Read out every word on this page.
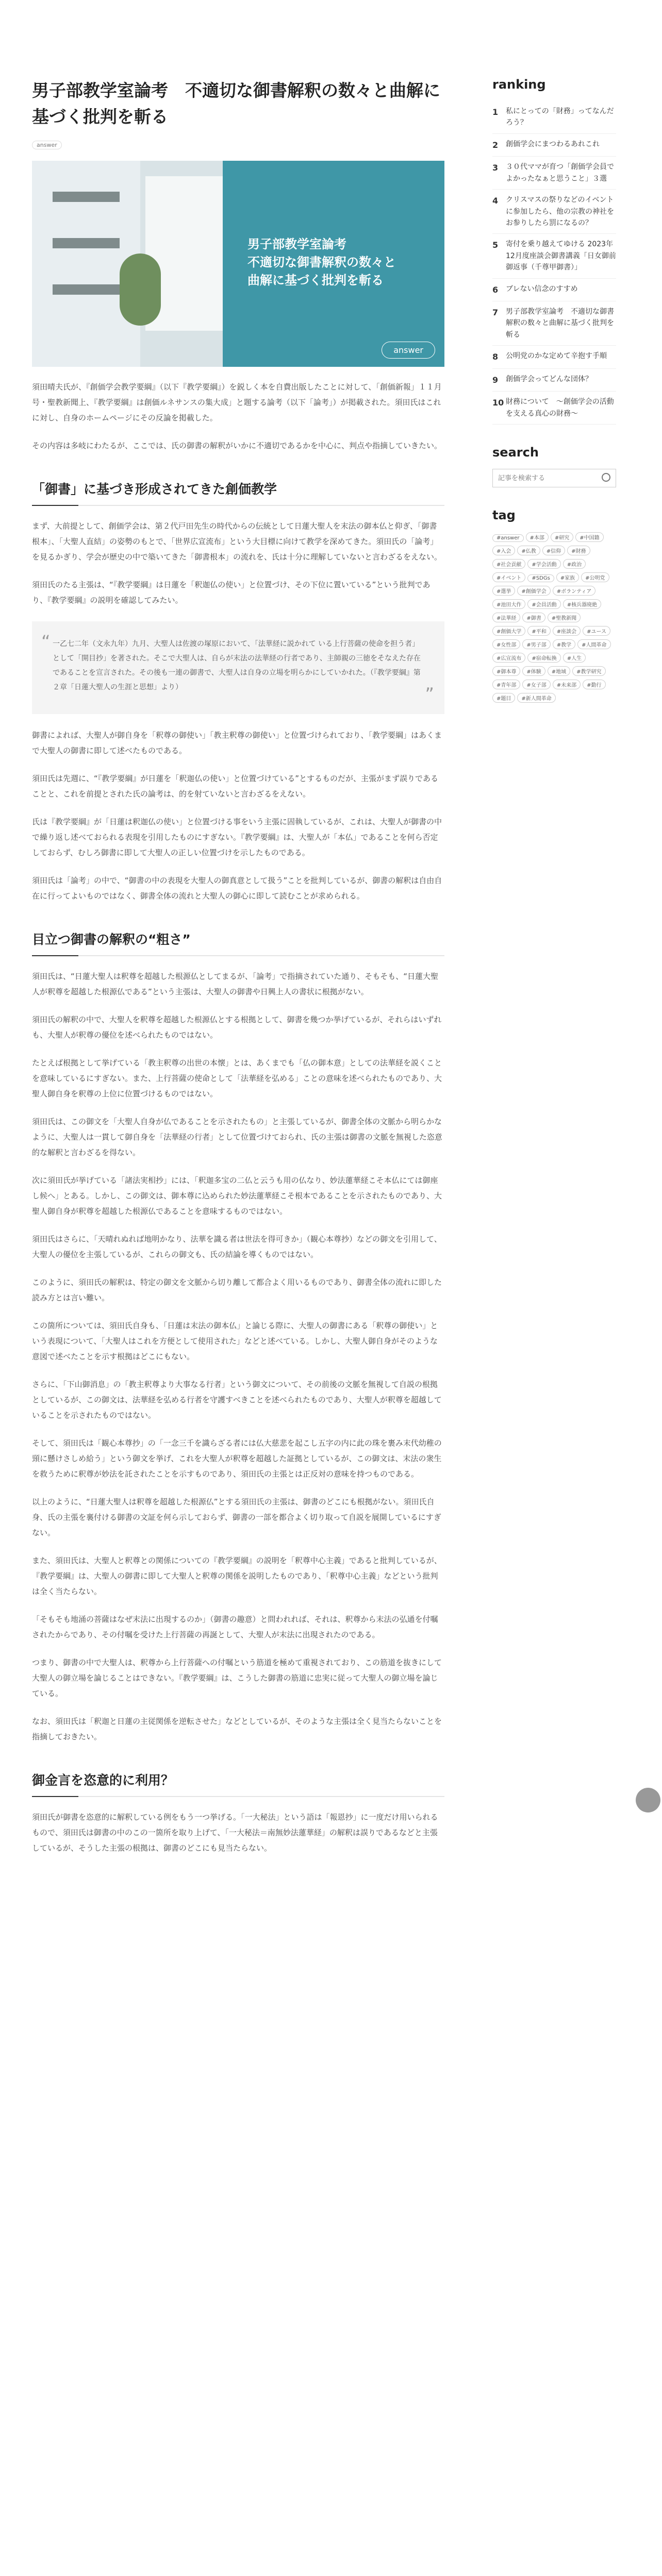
男子部教学室論考　不適切な御書解釈の数々と曲解に基づく批判を斬る
answer
男子部教学室論考
不適切な御書解釈の数々と
曲解に基づく批判を斬る
answer

須田晴夫氏が、『創価学会教学要綱』（以下『教学要綱』）を鋭しく本を自費出版したことに対して、「創価新報」１１月号・聖教新聞上、『教学要綱』は創価ルネサンスの集大成」と題する論考（以下「論考」）が掲載された。須田氏はこれに対し、自身のホームページにその反論を掲載した。

その内容は多岐にわたるが、ここでは、氏の御書の解釈がいかに不適切であるかを中心に、判点や指摘していきたい。

「御書」に基づき形成されてきた創価教学

まず、大前提として、創価学会は、第２代戸田先生の時代からの伝統として日蓮大聖人を末法の御本仏と仰ぎ、「御書根本」、「大聖人直結」の姿勢のもとで、「世界広宣流布」という大目標に向けて教学を深めてきた。須田氏の「論考」を見るかぎり、学会が歴史の中で築いてきた「御書根本」の流れを、氏は十分に理解していないと言わざるをえない。

須田氏のたる主張は、“『教学要綱』は日蓮を「釈迦仏の使い」と位置づけ、その下位に置いている”という批判であり、『教学要綱』の説明を確認してみたい。

“ 一乙七二年（文永九年）九月、大聖人は佐渡の塚原において、「法華経に説かれて いる上行菩薩の使命を担う者」として「開目抄」を著された。そこで大聖人は、自らが末法の法華経の行者であり、主師親の三徳をそなえた存在であることを宣言された。その後も一連の御書で、大聖人は自身の立場を明らかにしていかれた。（『教学要綱』第２章「日蓮大聖人の生涯と思想」より）	”

御書によれば、大聖人が御自身を「釈尊の御使い」「教主釈尊の御使い」と位置づけられており、「教学要綱」はあくまで大聖人の御書に即して述べたものである。

須田氏は先週に、“『教学要綱』が日蓮を「釈迦仏の使い」と位置づけている”とするものだが、主張がまず誤りであることと、これを前提とされた氏の論考は、的を射ていないと言わざるをえない。

氏は『教学要綱』が「日蓮は釈迦仏の使い」と位置づける事をいう主張に固執しているが、これは、大聖人が御書の中で繰り返し述べておられる表現を引用したものにすぎない。『教学要綱』は、大聖人が「本仏」であることを何ら否定しておらず、むしろ御書に即して大聖人の正しい位置づけを示したものである。

須田氏は「論考」の中で、“御書の中の表現を大聖人の御真意として扱う”ことを批判しているが、御書の解釈は自由自在に行ってよいものではなく、御書全体の流れと大聖人の御心に即して読むことが求められる。

目立つ御書の解釈の“粗さ”

須田氏は、“日蓮大聖人は釈尊を超越した根源仏としてまるが、「論考」で指摘されていた通り、そもそも、“日蓮大聖人が釈尊を超越した根源仏である”という主張は、大聖人の御書や日興上人の書状に根拠がない。

須田氏の解釈の中で、大聖人を釈尊を超越した根源仏とする根拠として、御書を幾つか挙げているが、それらはいずれも、大聖人が釈尊の優位を述べられたものではない。

たとえば根拠として挙げている「教主釈尊の出世の本懐」とは、あくまでも「仏の御本意」としての法華経を説くことを意味しているにすぎない。また、上行菩薩の使命として「法華経を弘める」ことの意味を述べられたものであり、大聖人御自身を釈尊の上位に位置づけるものではない。

須田氏は、この御文を「大聖人自身が仏であることを示されたもの」と主張しているが、御書全体の文脈から明らかなように、大聖人は一貫して御自身を「法華経の行者」として位置づけておられ、氏の主張は御書の文脈を無視した恣意的な解釈と言わざるを得ない。

次に須田氏が挙げている「諸法実相抄」には、「釈迦多宝の二仏と云うも用の仏なり、妙法蓮華経こそ本仏にては御座し候へ」とある。しかし、この御文は、御本尊に込められた妙法蓮華経こそ根本であることを示されたものであり、大聖人御自身が釈尊を超越した根源仏であることを意味するものではない。

須田氏はさらに、「天晴れぬれば地明かなり、法華を識る者は世法を得可きか」（観心本尊抄）などの御文を引用して、大聖人の優位を主張しているが、これらの御文も、氏の結論を導くものではない。

このように、須田氏の解釈は、特定の御文を文脈から切り離して都合よく用いるものであり、御書全体の流れに即した読み方とは言い難い。

この箇所については、須田氏自身も、「日蓮は末法の御本仏」と論じる際に、大聖人の御書にある「釈尊の御使い」という表現について、「大聖人はこれを方便として使用された」などと述べている。しかし、大聖人御自身がそのような意図で述べたことを示す根拠はどこにもない。

さらに、「下山御消息」の「教主釈尊より大事なる行者」という御文について、その前後の文脈を無視して自説の根拠としているが、この御文は、法華経を弘める行者を守護すべきことを述べられたものであり、大聖人が釈尊を超越していることを示されたものではない。

そして、須田氏は「観心本尊抄」の「一念三千を識らざる者には仏大慈悲を起こし五字の内に此の珠を裹み末代幼稚の頸に懸けさしめ給う」という御文を挙げ、これを大聖人が釈尊を超越した証拠としているが、この御文は、末法の衆生を救うために釈尊が妙法を託されたことを示すものであり、須田氏の主張とは正反対の意味を持つものである。

以上のように、“日蓮大聖人は釈尊を超越した根源仏”とする須田氏の主張は、御書のどこにも根拠がない。須田氏自身、氏の主張を裏付ける御書の文証を何ら示しておらず、御書の一部を都合よく切り取って自説を展開しているにすぎない。

また、須田氏は、大聖人と釈尊との関係についての『教学要綱』の説明を「釈尊中心主義」であると批判しているが、『教学要綱』は、大聖人の御書に即して大聖人と釈尊の関係を説明したものであり、「釈尊中心主義」などという批判は全く当たらない。

「そもそも地涌の菩薩はなぜ末法に出現するのか」（御書の趣意）と問われれば、それは、釈尊から末法の弘通を付嘱されたからであり、その付嘱を受けた上行菩薩の再誕として、大聖人が末法に出現されたのである。

つまり、御書の中で大聖人は、釈尊から上行菩薩への付嘱という筋道を極めて重視されており、この筋道を抜きにして大聖人の御立場を論じることはできない。『教学要綱』は、こうした御書の筋道に忠実に従って大聖人の御立場を論じている。

なお、須田氏は「釈迦と日蓮の主従関係を逆転させた」などとしているが、そのような主張は全く見当たらないことを指摘しておきたい。

御金言を恣意的に利用？

須田氏が御書を恣意的に解釈している例をもう一つ挙げる。「一大秘法」という語は「報恩抄」に一度だけ用いられるもので、須田氏は御書の中のこの一箇所を取り上げて、「一大秘法＝南無妙法蓮華経」の解釈は誤りであるなどと主張しているが、そうした主張の根拠は、御書のどこにも見当たらない。

ranking
1	私にとっての「財務」ってなんだろう？
2	創価学会にまつわるあれこれ
3	３０代ママが育つ「創価学会員でよかったなぁと思うこと」３選
4	クリスマスの祭りなどのイベントに参加したら、他の宗教の神社をお参りしたら罰になるの？
5	寄付を乗り越えてゆける 2023年12月度座談会御書講義「日女御前御返事（千尊甲御書）」
6	ブレない信念のすすめ
7	男子部教学室論考　不適切な御書解釈の数々と曲解に基づく批判を斬る
8	公明党のかな定めて辛抱す手順
9	創価学会ってどんな団体？
10 財務について　～創価学会の活動を支える真心の財務～
search
記事を検索する
tag
#answer #本部 #研究 #中国籍#入会 #仏教 #信仰 #財務#社会貢献 #学会活動 #政治#イベント #SDGs #家族 #公明党#選挙 #創価学会 #ボランティア#池田大作 #会員活動 #核兵器廃絶#法華経 #御書 #聖教新聞#創価大学 #平和 #座談会 #ユース#女性部 #男子部 #教学 #人間革命#広宣流布 #宿命転換 #人生#御本尊 #体験 #地域 #教学研究#青年部 #女子部 #未来部 #勤行#題目 #新人間革命
